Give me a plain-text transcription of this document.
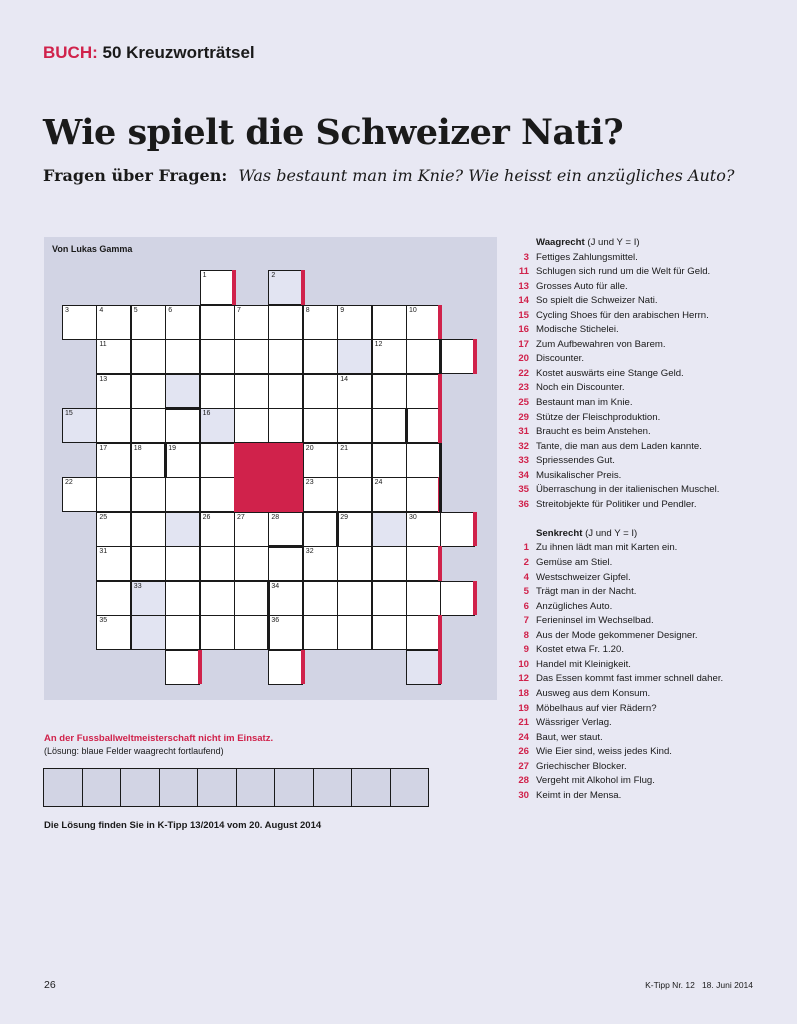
BUCH: 50 Kreuzworträtsel
Wie spielt die Schweizer Nati?
Fragen über Fragen: Was bestaunt man im Knie? Wie heisst ein anzügliches Auto?
1	2
3	4	5	6	7	8	9	10
11	12
13	14
15	16
17	18	19	20	21
22	23	24
25	26	27	28	29	30
31	32
33	34
35	36
Von Lukas Gamma
An der Fussballweltmeisterschaft nicht im Einsatz.
(Lösung: blaue Felder waagrecht fortlaufend)
Die Lösung finden Sie in K-Tipp 13/2014 vom 20. August 2014
Waagrecht (J und Y = I)
3 Fettiges Zahlungsmittel.
11 Schlugen sich rund um die Welt für Geld.
13 Grosses Auto für alle.
14 So spielt die Schweizer Nati.
15 Cycling Shoes für den arabischen Herrn.
16 Modische Stichelei.
17 Zum Aufbewahren von Barem.
20 Discounter.
22 Kostet auswärts eine Stange Geld.
23 Noch ein Discounter.
25 Bestaunt man im Knie.
29 Stütze der Fleischproduktion.
31 Braucht es beim Anstehen.
32 Tante, die man aus dem Laden kannte.
33 Spriessendes Gut.
34 Musikalischer Preis.
35 Überraschung in der italienischen Muschel.
36 Streitobjekte für Politiker und Pendler.
Senkrecht (J und Y = I)
1 Zu ihnen lädt man mit Karten ein.
2 Gemüse am Stiel.
4 Westschweizer Gipfel.
5 Trägt man in der Nacht.
6 Anzügliches Auto.
7 Ferieninsel im Wechselbad.
8 Aus der Mode gekommener Designer.
9 Kostet etwa Fr. 1.20.
10 Handel mit Kleinigkeit.
12 Das Essen kommt fast immer schnell daher.
18 Ausweg aus dem Konsum.
19 Möbelhaus auf vier Rädern?
21 Wässriger Verlag.
24 Baut, wer staut.
26 Wie Eier sind, weiss jedes Kind.
27 Griechischer Blocker.
28 Vergeht mit Alkohol im Flug.
30 Keimt in der Mensa.
26	K-Tipp Nr. 12 18. Juni 2014
